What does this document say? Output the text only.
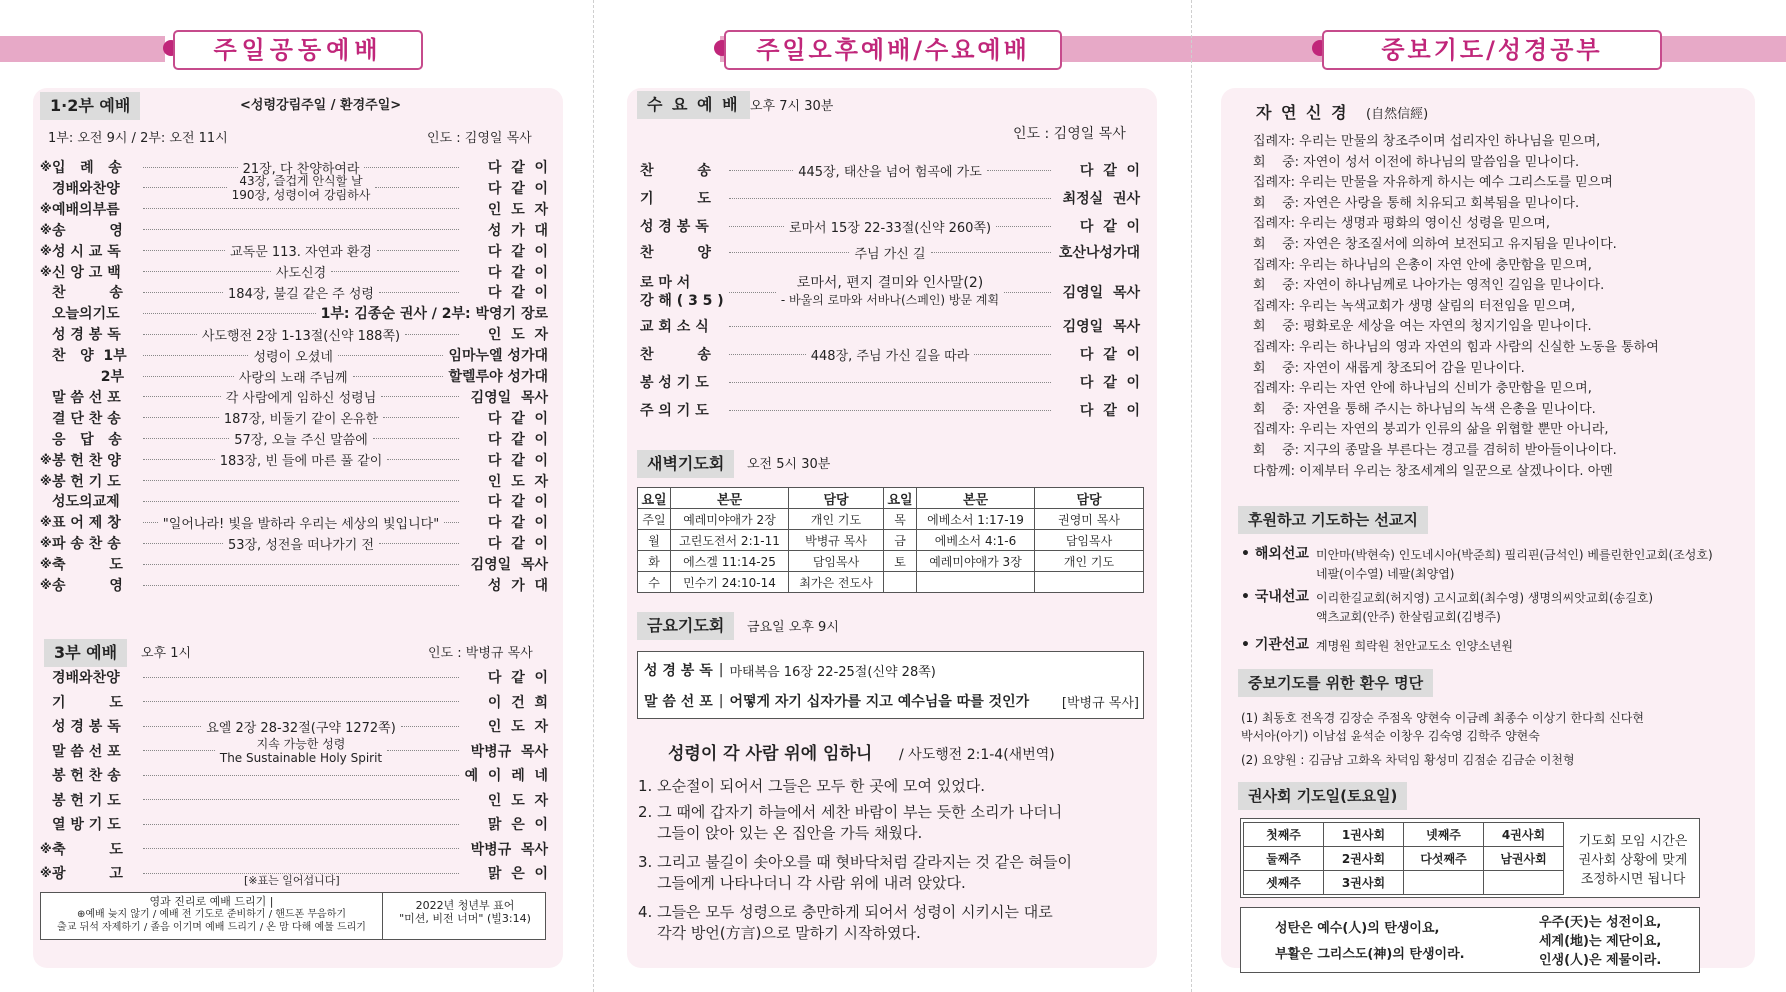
주일공동예배	주일오후예배/수요예배	중보기도/성경공부
1·2부 예배	<성령강림주일 / 환경주일>
1부: 오전 9시 / 2부: 오전 11시	인도 : 김영일 목사
※ 입   례   송	21장, 다 찬양하여라	다  같  이
경배와찬양	43장, 즐겁게 안식할 날
190장, 성령이여 강림하사	다  같  이
※ 예배의부름	인  도  자
※ 송         영	성  가  대
※ 성 시 교 독	교독문 113. 자연과 환경	다  같  이
※ 신 앙 고 백	사도신경	다  같  이
찬         송	184장, 불길 같은 주 성령	다  같  이
오늘의기도	1부: 김종순 권사 / 2부: 박영기 장로
성 경 봉 독	사도행전 2장 1-13절(신약 188쪽)	인  도  자
찬   양  1부	성령이 오셨네	임마누엘 성가대
2부	사랑의 노래 주님께	할렐루야 성가대
말 씀 선 포	각 사람에게 임하신 성령님	김영일  목사
결 단 찬 송	187장, 비둘기 같이 온유한	다  같  이
응   답   송	57장, 오늘 주신 말씀에	다  같  이
※ 봉 헌 찬 양	183장, 빈 들에 마른 풀 같이	다  같  이
※ 봉 헌 기 도	인  도  자
성도의교제	다  같  이
※ 표 어 제 창	"일어나라! 빛을 발하라 우리는 세상의 빛입니다"	다  같  이
※ 파 송 찬 송	53장, 성전을 떠나가기 전	다  같  이
※ 축         도	김영일  목사
※ 송         영	성  가  대
3부 예배	오후 1시	인도 : 박병규 목사
경배와찬양	다  같  이
기         도	이  건  희
성 경 봉 독	요엘 2장 28-32절(구약 1272쪽)	인  도  자
말 씀 선 포	지속 가능한 성령
The Sustainable Holy Spirit	박병규  목사
봉 헌 찬 송	예  이  레  네
봉 헌 기 도	인  도  자
열 방 기 도	맑  은  이
※ 축         도	박병규  목사
※ 광         고	맑  은  이
[※표는 일어섭니다]
영과 진리로 예배 드리기 |
⊕예배 늦지 않기 / 예배 전 기도로 준비하기 / 핸드폰 무음하기
출교 뒤석 자제하기 / 졸음 이기며 예배 드리기 / 온 맘 다해 예물 드리기
2022년 청년부 표어
"미션, 비전 너머" (빌3:14)
수 요 예 배 오후 7시 30분
인도 : 김영일 목사
찬         송	445장, 태산을 넘어 험곡에 가도	다  같  이
기         도	최정실  권사
성 경 봉 독	로마서 15장 22-33절(신약 260쪽)	다  같  이
찬         양	주님 가신 길	호산나성가대
로 마 서
강 해 ( 3 5 )
로마서, 편지 결미와 인사말(2)
- 바울의 로마와 서바나(스페인) 방문 계획	김영일  목사
교 회 소 식	김영일  목사
찬         송	448장, 주님 가신 길을 따라	다  같  이
봉 성 기 도	다  같  이
주 의 기 도	다  같  이
새벽기도회	오전 5시 30분
요일	본문	담당	요일	본문	담당
주일	예레미야애가 2장	개인 기도	목	에베소서 1:17-19	권영미 목사
월	고린도전서 2:1-11	박병규 목사	금	에베소서 4:1-6	담임목사
화	에스겔 11:14-25	담임목사	토	예레미야애가 3장	개인 기도
수	민수기 24:10-14	최가은 전도사			
금요기도회	금요일 오후 9시
성 경 봉 독 | 마태복음 16장 22-25절(신약 28쪽)
말 씀 선 포 | 어떻게 자기 십자가를 지고 예수님을 따를 것인가	[박병규 목사]
성령이 각 사람 위에 임하니 / 사도행전 2:1-4(새번역)
1. 오순절이 되어서 그들은 모두 한 곳에 모여 있었다.
2. 그 때에 갑자기 하늘에서 세찬 바람이 부는 듯한 소리가 나더니
그들이 앉아 있는 온 집안을 가득 채웠다.
3. 그리고 불길이 솟아오를 때 혓바닥처럼 갈라지는 것 같은 혀들이
그들에게 나타나더니 각 사람 위에 내려 앉았다.
4. 그들은 모두 성령으로 충만하게 되어서 성령이 시키시는 대로
각각 방언(方言)으로 말하기 시작하였다.
자 연 신 경 (自然信經)
집례자: 우리는 만물의 창조주이며 섭리자인 하나님을 믿으며,
회    중: 자연이 성서 이전에 하나님의 말씀임을 믿나이다.
집례자: 우리는 만물을 자유하게 하시는 예수 그리스도를 믿으며
회    중: 자연은 사랑을 통해 치유되고 회복됨을 믿나이다.
집례자: 우리는 생명과 평화의 영이신 성령을 믿으며,
회    중: 자연은 창조질서에 의하여 보전되고 유지됨을 믿나이다.
집례자: 우리는 하나님의 은총이 자연 안에 충만함을 믿으며,
회    중: 자연이 하나님께로 나아가는 영적인 길임을 믿나이다.
집례자: 우리는 녹색교회가 생명 살림의 터전임을 믿으며,
회    중: 평화로운 세상을 여는 자연의 청지기임을 믿나이다.
집례자: 우리는 하나님의 영과 자연의 힘과 사람의 신실한 노동을 통하여
회    중: 자연이 새롭게 창조되어 감을 믿나이다.
집례자: 우리는 자연 안에 하나님의 신비가 충만함을 믿으며,
회    중: 자연을 통해 주시는 하나님의 녹색 은총을 믿나이다.
집례자: 우리는 자연의 붕괴가 인류의 삶을 위협할 뿐만 아니라,
회    중: 지구의 종말을 부른다는 경고를 겸허히 받아들이나이다.
다함께: 이제부터 우리는 창조세계의 일꾼으로 살겠나이다. 아멘
후원하고 기도하는 선교지
• 해외선교 미안마(박현숙) 인도네시아(박준희) 필리핀(금석인) 베를린한인교회(조성호)
네팔(이수열) 네팔(최양엽)
• 국내선교 이리한길교회(허지영) 고시교회(최수영) 생명의씨앗교회(송길호)
액츠교회(안주) 한살림교회(김병주)
• 기관선교 계명원 희락원 천안교도소 인양소년원
중보기도를 위한 환우 명단
(1) 최동호 전옥경 김장순 주점옥 양현숙 이금례 최종수 이상기 한다희 신다현
박서아(아기) 이남섭 윤석순 이창우 김숙영 김학주 양현숙
(2) 요양원 : 김금남 고화옥 차덕임 황성미 김점순 김금순 이천형
권사회 기도일(토요일)
첫째주	1권사회	넷째주	4권사회
둘째주	2권사회	다섯째주	남권사회
셋째주	3권사회		
기도회 모임 시간은
권사회 상황에 맞게
조정하시면 됩니다
성탄은 예수(人)의 탄생이요,
부활은 그리스도(神)의 탄생이라.
우주(天)는 성전이요,
세계(地)는 제단이요,
인생(人)은 제물이라.
